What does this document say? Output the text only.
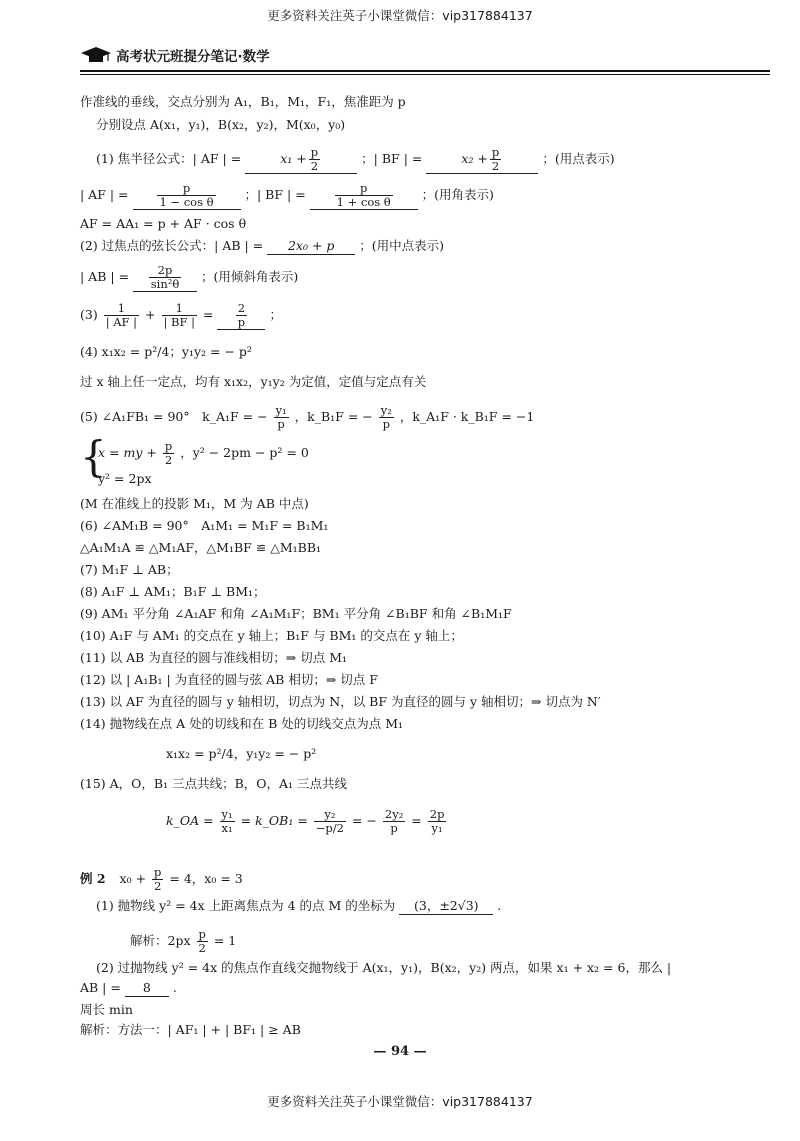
更多资料关注英子小课堂微信：vip317884137
高考状元班提分笔记·数学
作准线的垂线，交点分别为 A₁，B₁，M₁，F₁，焦准距为 p
分别设点 A(x₁，y₁)，B(x₂，y₂)，M(x₀，y₀)
(1) 焦半径公式：| AF | =	$x_1 + \frac{p}{2}$	；| BF | =	$x_2 + \frac{p}{2}$	；(用点表示)
| AF | =	$\frac{p}{\text{1 − cos θ}}$ ；| BF | =	$\frac{p}{\text{1 + cos θ}}$ ；(用角表示)
AF = AA₁ = p + AF · cos θ
(2) 过焦点的弦长公式：| AB | = 2x₀ + p ；(用中点表示)
| AB | = $\frac{2p}{\text{sin²θ}}$ ；(用倾斜角表示)
$(3) \frac{1}{| AF |} + \frac{1}{| BF |} = \frac{2}{p}$ ；
(4) x₁x₂ = p²/4；y₁y₂ = − p²
过 x 轴上任一定点，均有 x₁x₂，y₁y₂ 为定值，定值与定点有关
(5) ∠A₁FB₁ = 90°　k_A₁F = − $\frac{\text{y₁}}{p}$ ，k_B₁F = − $\frac{\text{y₂}}{p}$ ，k_A₁F · k_B₁F = −1
{
x = my + $\frac{p}{2}$ ，y² − 2pm − p² = 0
y² = 2px
(M 在准线上的投影 M₁，M 为 AB 中点)
(6) ∠AM₁B = 90°　A₁M₁ = M₁F = B₁M₁
△A₁M₁A ≌ △M₁AF，△M₁BF ≌ △M₁BB₁
(7) M₁F ⊥ AB；
(8) A₁F ⊥ AM₁；B₁F ⊥ BM₁；
(9) AM₁ 平分角 ∠A₁AF 和角 ∠A₁M₁F；BM₁ 平分角 ∠B₁BF 和角 ∠B₁M₁F
(10) A₁F 与 AM₁ 的交点在 y 轴上；B₁F 与 BM₁ 的交点在 y 轴上；
(11) 以 AB 为直径的圆与准线相切；⇒ 切点 M₁
(12) 以 | A₁B₁ | 为直径的圆与弦 AB 相切；⇒ 切点 F
(13) 以 AF 为直径的圆与 y 轴相切，切点为 N，以 BF 为直径的圆与 y 轴相切；⇒ 切点为 N′
(14) 抛物线在点 A 处的切线和在 B 处的切线交点为点 M₁
x₁x₂ = p²/4，y₁y₂ = − p²
(15) A，O，B₁ 三点共线；B，O，A₁ 三点共线
k_OA = $\frac{\text{y₁}}{\text{x₁}}$ = k_OB₁ = $\frac{\text{y₂}}{-p/2}$ = − $\frac{\text{2y₂}}{p} = \frac{2p}{\text{y₁}}$
例 2 $x_0 + \frac{p}{2} = 4$，x₀ = 3
(1) 抛物线 y² = 4x 上距离焦点为 4 的点 M 的坐标为 (3，±2√3) .
解析：$2px \frac{p}{2} = 1$
(2) 过抛物线 y² = 4x 的焦点作直线交抛物线于 A(x₁，y₁)，B(x₂，y₂) 两点，如果 x₁ + x₂ = 6，那么 |
AB | = 8 .
周长 min
解析：方法一：| AF₁ | + | BF₁ | ≥ AB
— 94 —
更多资料关注英子小课堂微信：vip317884137
